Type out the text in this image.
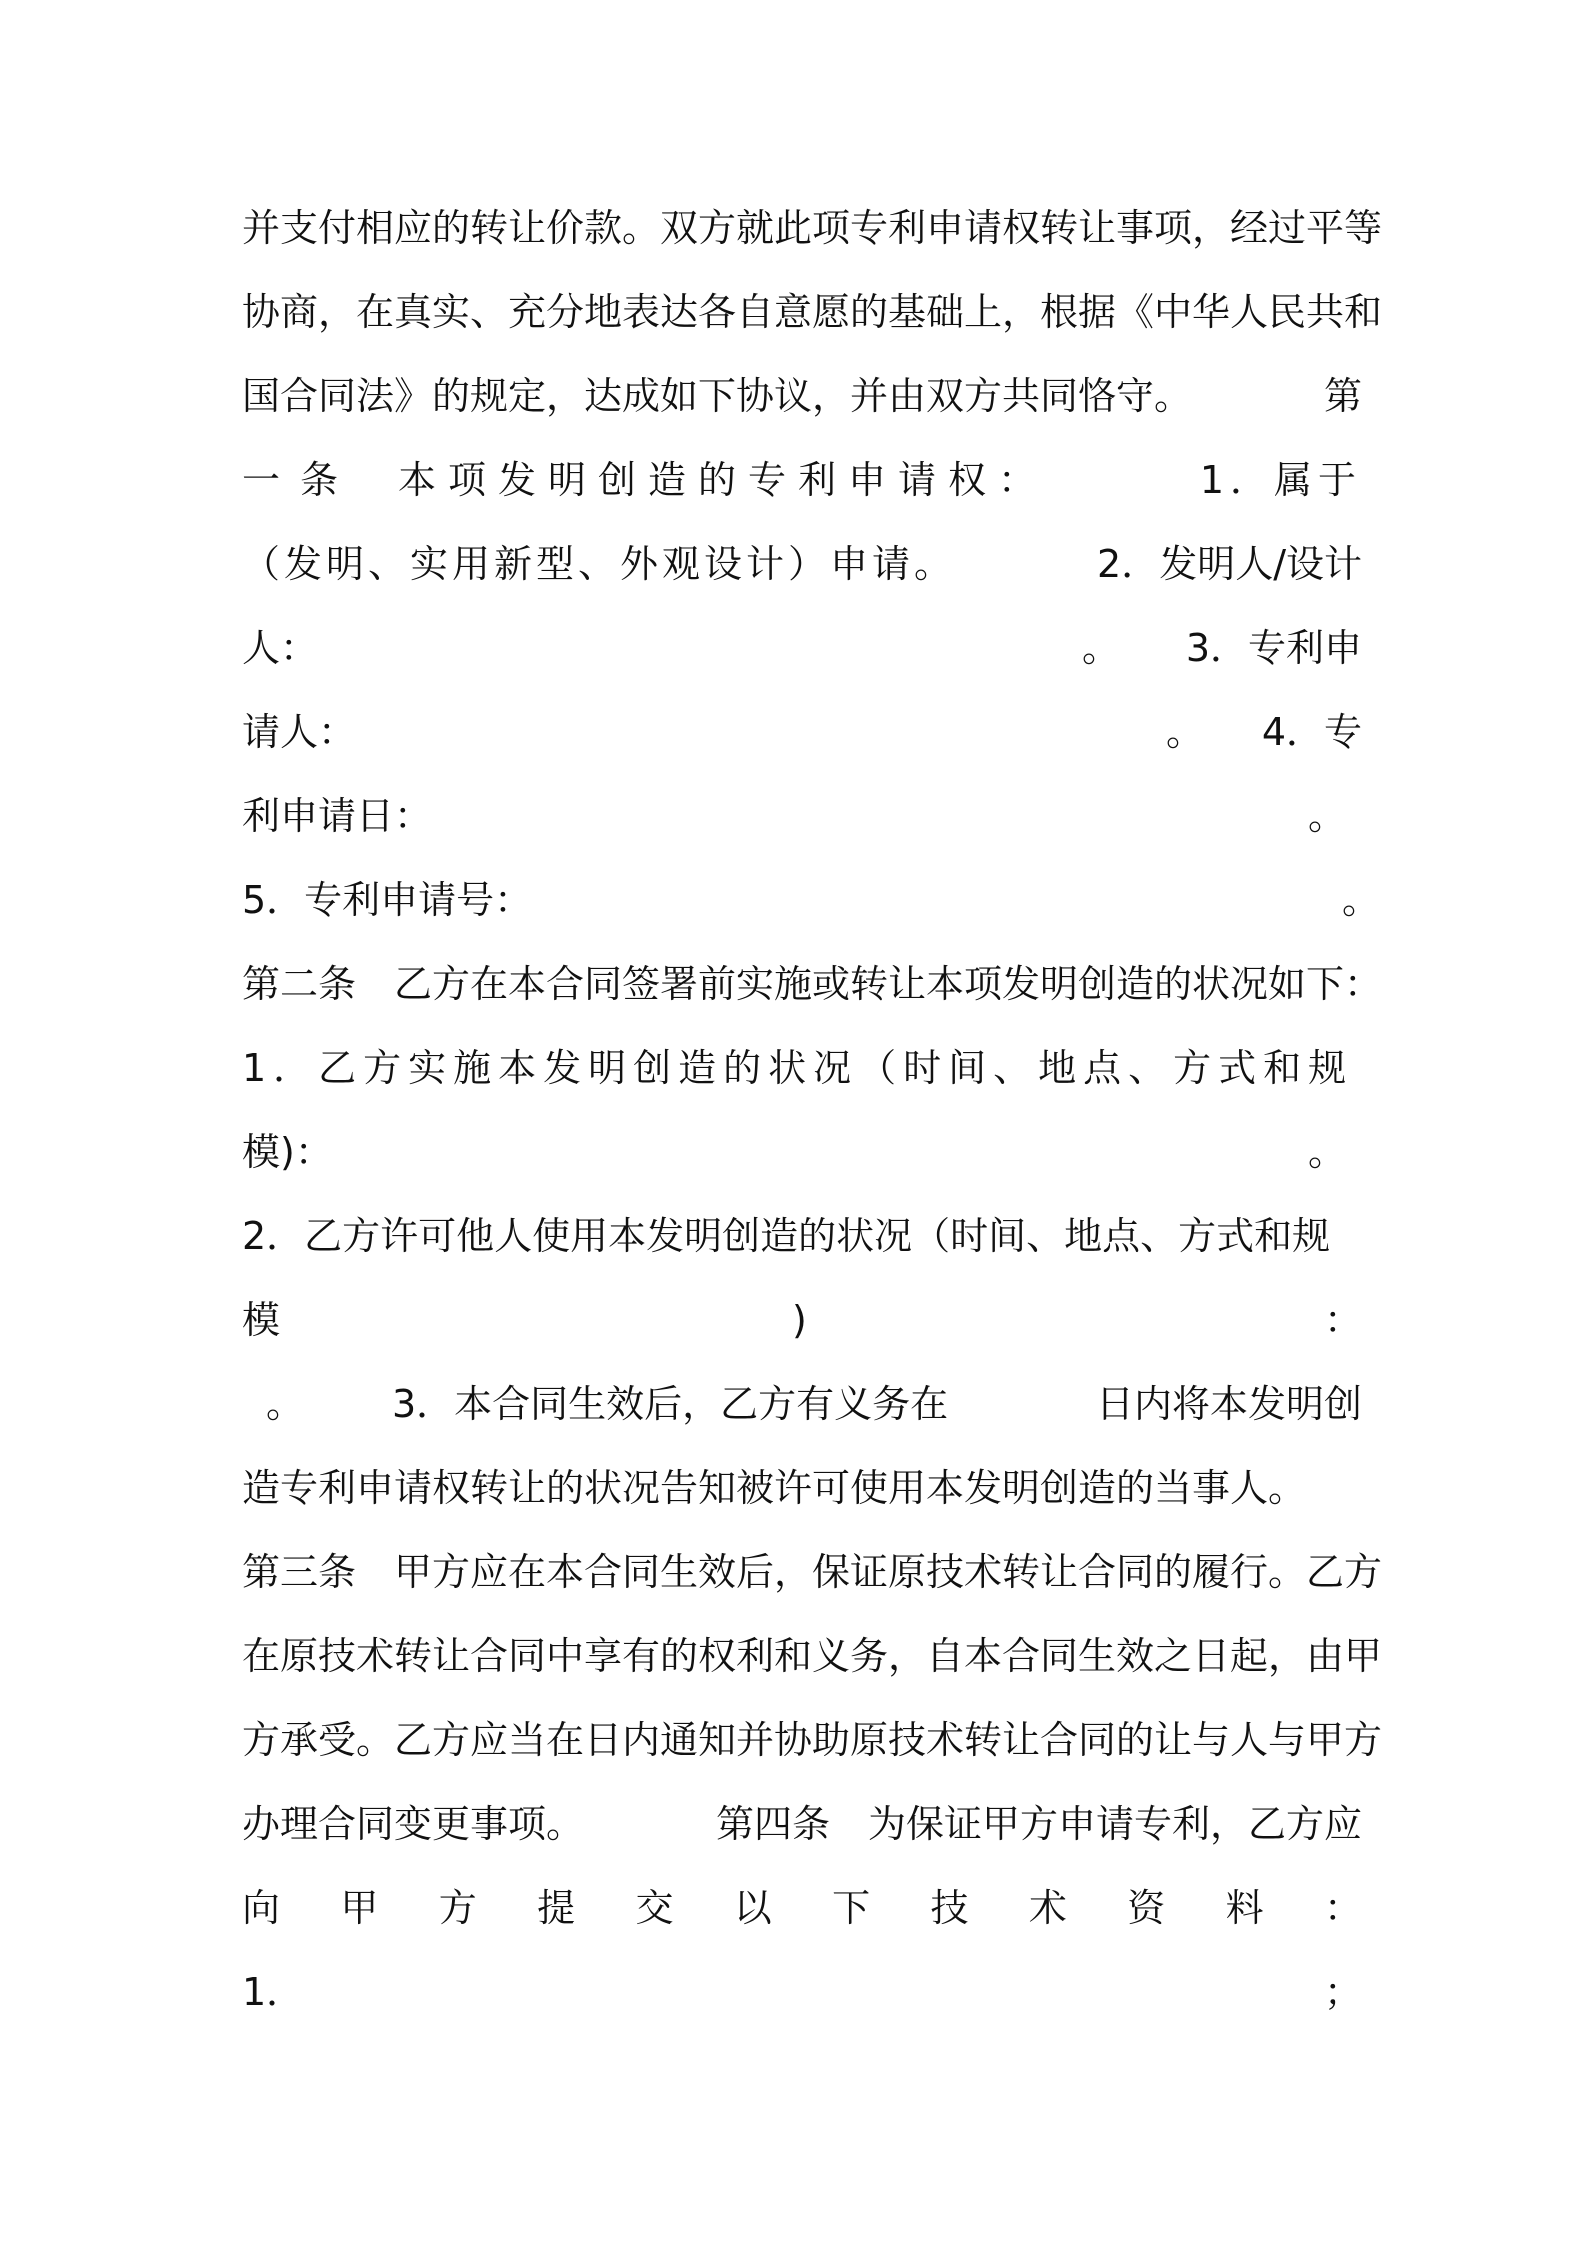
并支付相应的转让价款。双方就此项专利申请权转让事项，经过平等
协商，在真实、充分地表达各自意愿的基础上，根据《中华人民共和
国合同法》的规定，达成如下协议，并由双方共同恪守。	第
一条 本项发明创造的专利申请权：	1．属于
（发明、实用新型、外观设计）申请。	2．发明人/设计
人：	。 3．专利申
请人：	。 4．专
利申请日：	。
5．专利申请号：	。
第二条　乙方在本合同签署前实施或转让本项发明创造的状况如下：
1．乙方实施本发明创造的状况（时间、地点、方式和规
模)：	。
2．乙方许可他人使用本发明创造的状况（时间、地点、方式和规
模	)	：
。 3．本合同生效后，乙方有义务在	日内将本发明创
造专利申请权转让的状况告知被许可使用本发明创造的当事人。
第三条　甲方应在本合同生效后，保证原技术转让合同的履行。乙方
在原技术转让合同中享有的权利和义务，自本合同生效之日起，由甲
方承受。乙方应当在日内通知并协助原技术转让合同的让与人与甲方
办理合同变更事项。	第四条　为保证甲方申请专利，乙方应
向 甲 方 提 交 以 下 技 术 资 料 ：
1．	；
